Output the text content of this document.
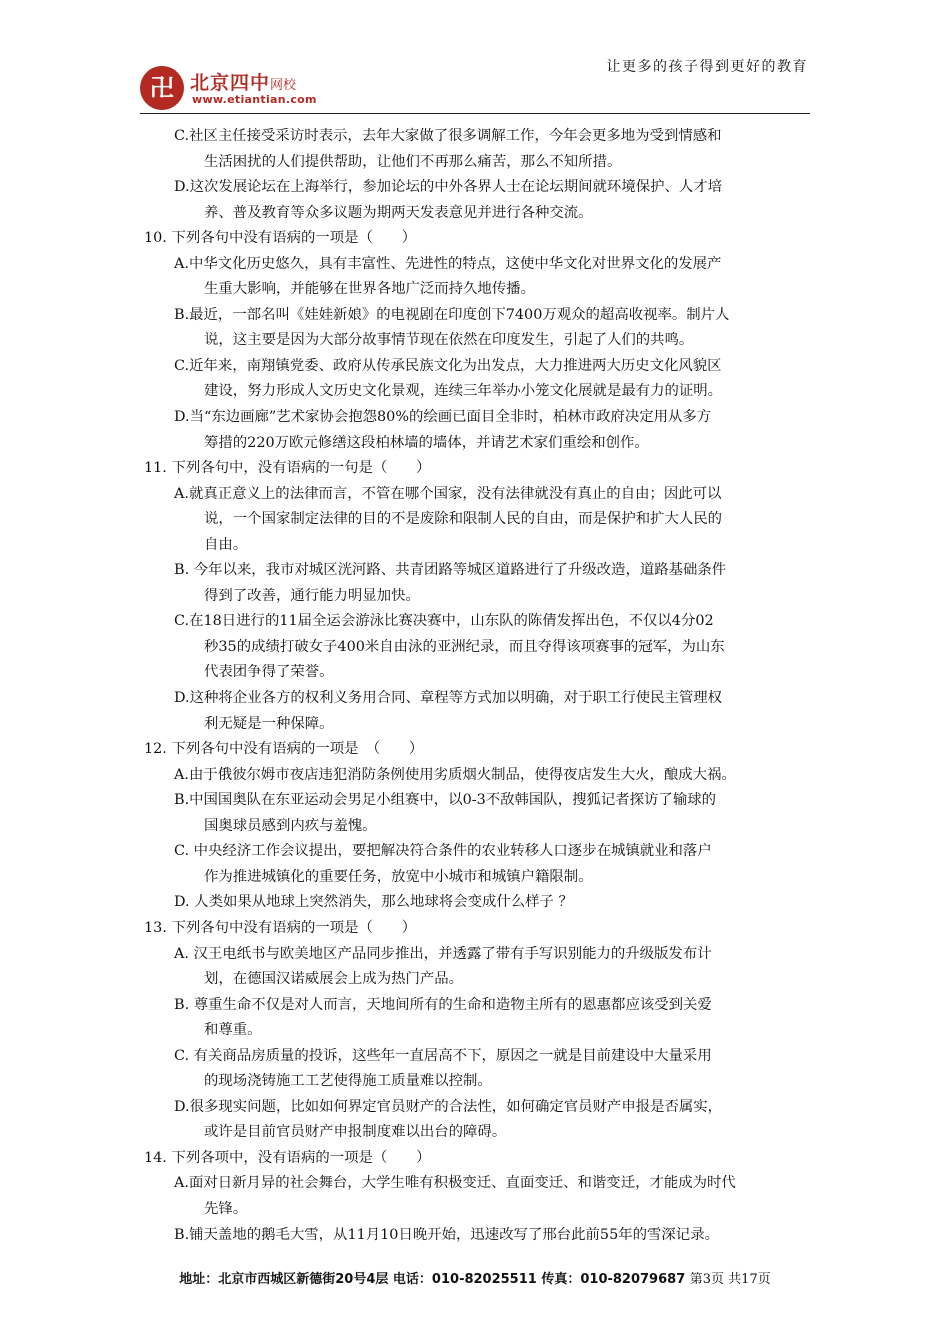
卍 北京四中网校
www.etiantian.com
让更多的孩子得到更好的教育
C.社区主任接受采访时表示，去年大家做了很多调解工作，今年会更多地为受到情感和
生活困扰的人们提供帮助，让他们不再那么痛苦，那么不知所措。
D.这次发展论坛在上海举行，参加论坛的中外各界人士在论坛期间就环境保护、人才培
养、普及教育等众多议题为期两天发表意见并进行各种交流。
10. 下列各句中没有语病的一项是（　　）
A.中华文化历史悠久，具有丰富性、先进性的特点，这使中华文化对世界文化的发展产
生重大影响，并能够在世界各地广泛而持久地传播。
B.最近，一部名叫《娃娃新娘》的电视剧在印度创下7400万观众的超高收视率。制片人
说，这主要是因为大部分故事情节现在依然在印度发生，引起了人们的共鸣。
C.近年来，南翔镇党委、政府从传承民族文化为出发点，大力推进两大历史文化风貌区
建设，努力形成人文历史文化景观，连续三年举办小笼文化展就是最有力的证明。
D.当“东边画廊”艺术家协会抱怨80%的绘画已面目全非时，柏林市政府决定用从多方
筹措的220万欧元修缮这段柏林墙的墙体，并请艺术家们重绘和创作。
11. 下列各句中，没有语病的一句是（　　）
A.就真正意义上的法律而言，不管在哪个国家，没有法律就没有真止的自由；因此可以
说，一个国家制定法律的目的不是废除和限制人民的自由，而是保护和扩大人民的
自由。
B. 今年以来，我市对城区洸河路、共青团路等城区道路进行了升级改造，道路基础条件
得到了改善，通行能力明显加快。
C.在18日进行的11届全运会游泳比赛决赛中，山东队的陈倩发挥出色，不仅以4分02
秒35的成绩打破女子400米自由泳的亚洲纪录，而且夺得该项赛事的冠军，为山东
代表团争得了荣誉。
D.这种将企业各方的权利义务用合同、章程等方式加以明确，对于职工行使民主管理权
利无疑是一种保障。
12. 下列各句中没有语病的一项是　（　　）
A.由于俄彼尔姆市夜店违犯消防条例使用劣质烟火制品，使得夜店发生大火，酿成大祸。
B.中国国奥队在东亚运动会男足小组赛中，以0-3不敌韩国队，搜狐记者探访了输球的
国奥球员感到内疚与羞愧。
C. 中央经济工作会议提出，要把解决符合条件的农业转移人口逐步在城镇就业和落户
作为推进城镇化的重要任务，放宽中小城市和城镇户籍限制。
D. 人类如果从地球上突然消失，那么地球将会变成什么样子 ？
13. 下列各句中没有语病的一项是（　　）
A. 汉王电纸书与欧美地区产品同步推出，并透露了带有手写识别能力的升级版发布计
划，在德国汉诺威展会上成为热门产品。
B. 尊重生命不仅是对人而言，天地间所有的生命和造物主所有的恩惠都应该受到关爱
和尊重。
C. 有关商品房质量的投诉，这些年一直居高不下，原因之一就是目前建设中大量采用
的现场浇铸施工工艺使得施工质量难以控制。
D.很多现实问题，比如如何界定官员财产的合法性，如何确定官员财产申报是否属实，
或许是目前官员财产申报制度难以出台的障碍。
14. 下列各项中，没有语病的一项是（　　）
A.面对日新月异的社会舞台，大学生唯有积极变迁、直面变迁、和谐变迁，才能成为时代
先锋。
B.铺天盖地的鹅毛大雪，从11月10日晚开始，迅速改写了邢台此前55年的雪深记录。
地址：北京市西城区新德街20号4层 电话：010-82025511 传真：010-82079687 第3页 共17页
